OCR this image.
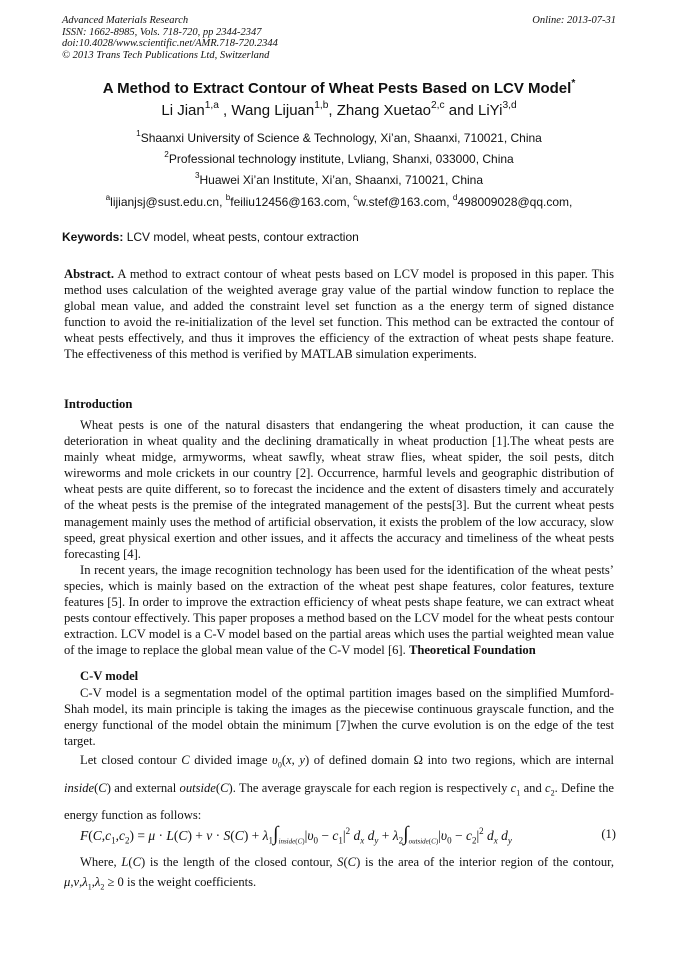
Advanced Materials Research
ISSN: 1662-8985, Vols. 718-720, pp 2344-2347
doi:10.4028/www.scientific.net/AMR.718-720.2344
© 2013 Trans Tech Publications Ltd, Switzerland
Online: 2013-07-31
A Method to Extract Contour of Wheat Pests Based on LCV Model*
Li Jian$^{1,a}$ , Wang Lijuan$^{1,b}$, Zhang Xuetao$^{2,c}$ and LiYi$^{3,d}$
$^1$Shaanxi University of Science & Technology, Xi’an, Shaanxi, 710021, China
$^2$Professional technology institute, Lvliang, Shanxi, 033000, China
$^3$Huawei Xi’an Institute, Xi’an, Shaanxi, 710021, China
$^a$lijianjsj@sust.edu.cn, $^b$feiliu12456@163.com, $^c$w.stef@163.com, $^d$498009028@qq.com,
Keywords: LCV model, wheat pests, contour extraction

Abstract. A method to extract contour of wheat pests based on LCV model is proposed in this paper. This method uses calculation of the weighted average gray value of the partial window function to replace the global mean value, and added the constraint level set function as a the energy term of signed distance function to avoid the re-initialization of the level set function. This method can be extracted the contour of wheat pests effectively, and thus it improves the efficiency of the extraction of wheat pests shape feature. The effectiveness of this method is verified by MATLAB simulation experiments.

Introduction

Wheat pests is one of the natural disasters that endangering the wheat production, it can cause the deterioration in wheat quality and the declining dramatically in wheat production [1].The wheat pests are mainly wheat midge, armyworms, wheat sawfly, wheat straw flies, wheat spider, the soil pests, ditch wireworms and mole crickets in our country [2]. Occurrence, harmful levels and geographic distribution of wheat pests are quite different, so to forecast the incidence and the extent of disasters timely and accurately of the wheat pests is the premise of the integrated management of the pests[3]. But the current wheat pests management mainly uses the method of artificial observation, it exists the problem of the low accuracy, slow speed, great physical exertion and other issues, and it affects the accuracy and timeliness of the wheat pests forecasting [4].

In recent years, the image recognition technology has been used for the identification of the wheat pests’ species, which is mainly based on the extraction of the wheat pest shape features, color features, texture features [5]. In order to improve the extraction efficiency of wheat pests shape feature, we can extract wheat pests contour effectively. This paper proposes a method based on the LCV model for the wheat pests contour extraction. LCV model is a C-V model based on the partial areas which uses the partial weighted mean value of the image to replace the global mean value of the C-V model [6]. Theoretical Foundation

C-V model

C-V model is a segmentation model of the optimal partition images based on the simplified Mumford-Shah model, its main principle is taking the images as the piecewise continuous grayscale function, and the energy functional of the model obtain the minimum [7]when the curve evolution is on the edge of the test target.

Let closed contour C divided image $\upsilon_0(x$, y) of defined domain Ω into two regions, which are internal inside(C) and external outside(C). The average grayscale for each region is respectively $c_1$ and $c_2$. Define the energy function as follows:

$F(C,c_1,c_2) = \mu \cdot L(C) + \nu \cdot S(C) + \lambda_1\int_{inside(C)}|\upsilon_0 - c_1|^2$ $d_x$ $d_y + \lambda_2\int_{outside(C)}|\upsilon_0 - c_2|^2$ $d_x$ $d_y$	(1)

Where, L(C) is the length of the closed contour, S(C) is the area of the interior region of the contour, $\mu,\nu,\lambda_1,\lambda_2 \ge 0$ is the weight coefficients.
